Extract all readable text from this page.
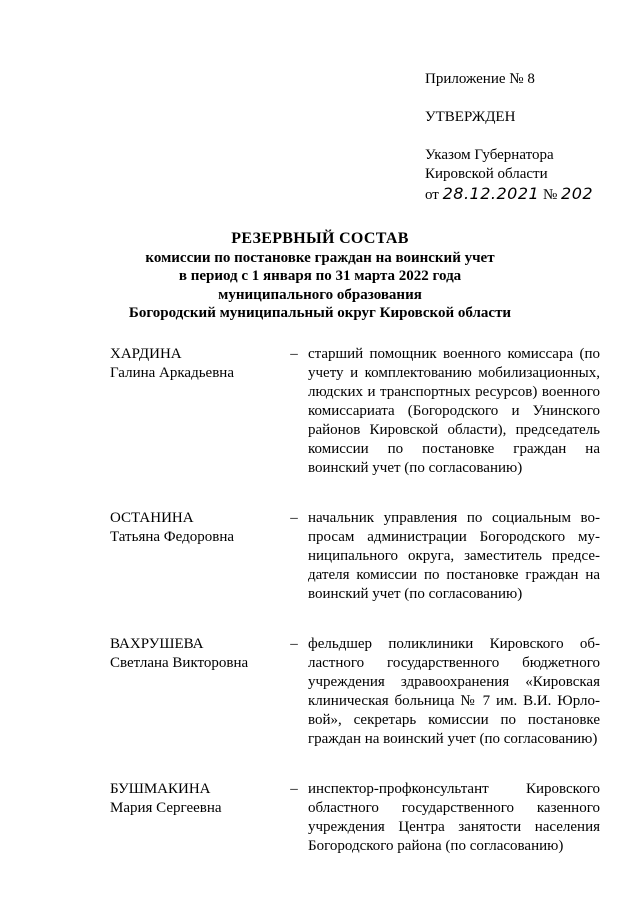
Приложение № 8
УТВЕРЖДЕН
Указом Губернатора
Кировской области
от 28.12.2021 № 202
РЕЗЕРВНЫЙ СОСТАВ
комиссии по постановке граждан на воинский учет
в период с 1 января по 31 марта 2022 года
муниципального образования
Богородский муниципальный округ Кировской области
ХАРДИНА
Галина Аркадьевна
– старший помощник военного комиссара (по учету и комплектованию мобилизационных, людских и транспортных ресурсов) военного комиссариата (Богородского и Унинского районов Кировской области), председатель комиссии по постановке граждан на воинский учет (по согласованию)
ОСТАНИНА
Татьяна Федоровна
– начальник управления по социальным вопросам администрации Богородского муниципального округа, заместитель председателя комиссии по постановке граждан на воинский учет (по согласованию)
ВАХРУШЕВА
Светлана Викторовна
– фельдшер поликлиники Кировского областного государственного бюджетного учреждения здравоохранения «Кировская клиническая больница № 7 им. В.И. Юрловой», секретарь комиссии по постановке граждан на воинский учет (по согласованию)
БУШМАКИНА
Мария Сергеевна
– инспектор-профконсультант Кировского областного государственного казенного учреждения Центра занятости населения Богородского района (по согласованию)
